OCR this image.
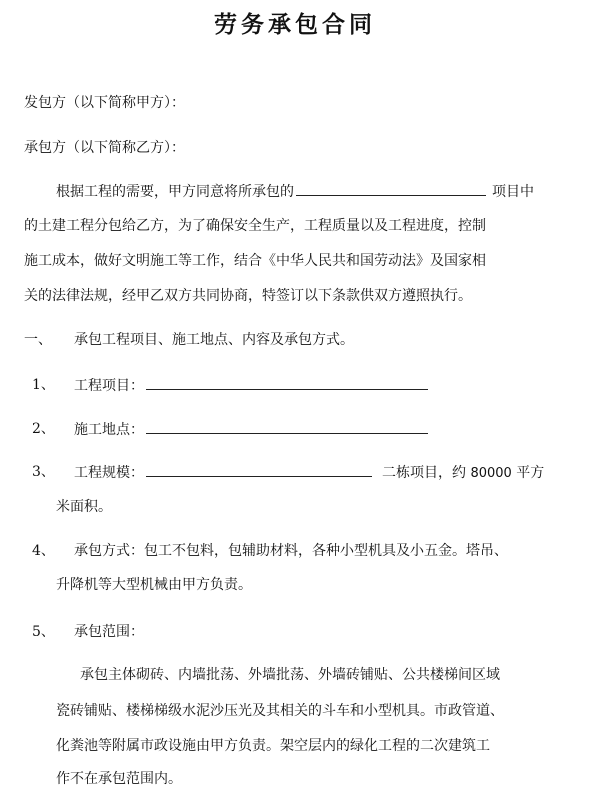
劳务承包合同
发包方（以下简称甲方）：
承包方（以下简称乙方）：
根据工程的需要，甲方同意将所承包的	项目中
的土建工程分包给乙方，为了确保安全生产，工程质量以及工程进度，控制
施工成本，做好文明施工等工作，结合《中华人民共和国劳动法》及国家相
关的法律法规，经甲乙双方共同协商，特签订以下条款供双方遵照执行。
一、 承包工程项目、施工地点、内容及承包方式。
1、 工程项目：
2、 施工地点：
3、 工程规模：	二栋项目，约 80000 平方
米面积。
4、 承包方式：包工不包料，包辅助材料，各种小型机具及小五金。塔吊、
升降机等大型机械由甲方负责。
5、 承包范围：
承包主体砌砖、内墙批荡、外墙批荡、外墙砖铺贴、公共楼梯间区域
瓷砖铺贴、楼梯梯级水泥沙压光及其相关的斗车和小型机具。市政管道、
化粪池等附属市政设施由甲方负责。架空层内的绿化工程的二次建筑工
作不在承包范围内。
